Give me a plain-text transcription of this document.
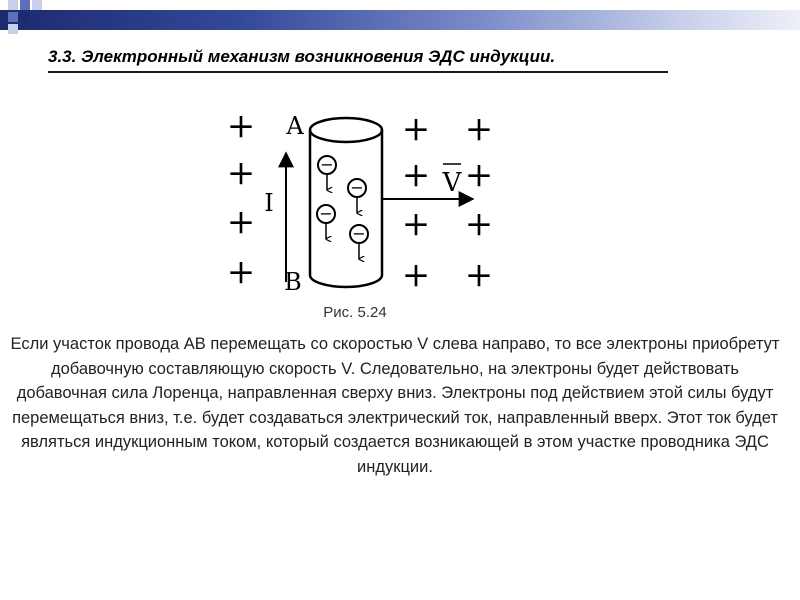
3.3. Электронный механизм возникновения ЭДС индукции.
+
+
+
+
+
+
+
+
+
+
+
+
I
A
B
−
−
−
−
V
Рис. 5.24
Если участок провода АВ перемещать со скоростью V слева направо, то все электроны приобретут добавочную составляющую скорость V. Следовательно, на электроны будет действовать добавочная сила Лоренца, направленная сверху вниз. Электроны под действием этой силы будут перемещаться вниз, т.е. будет создаваться электрический ток, направленный вверх. Этот ток будет являться индукционным током, который создается возникающей в этом участке проводника ЭДС индукции.
